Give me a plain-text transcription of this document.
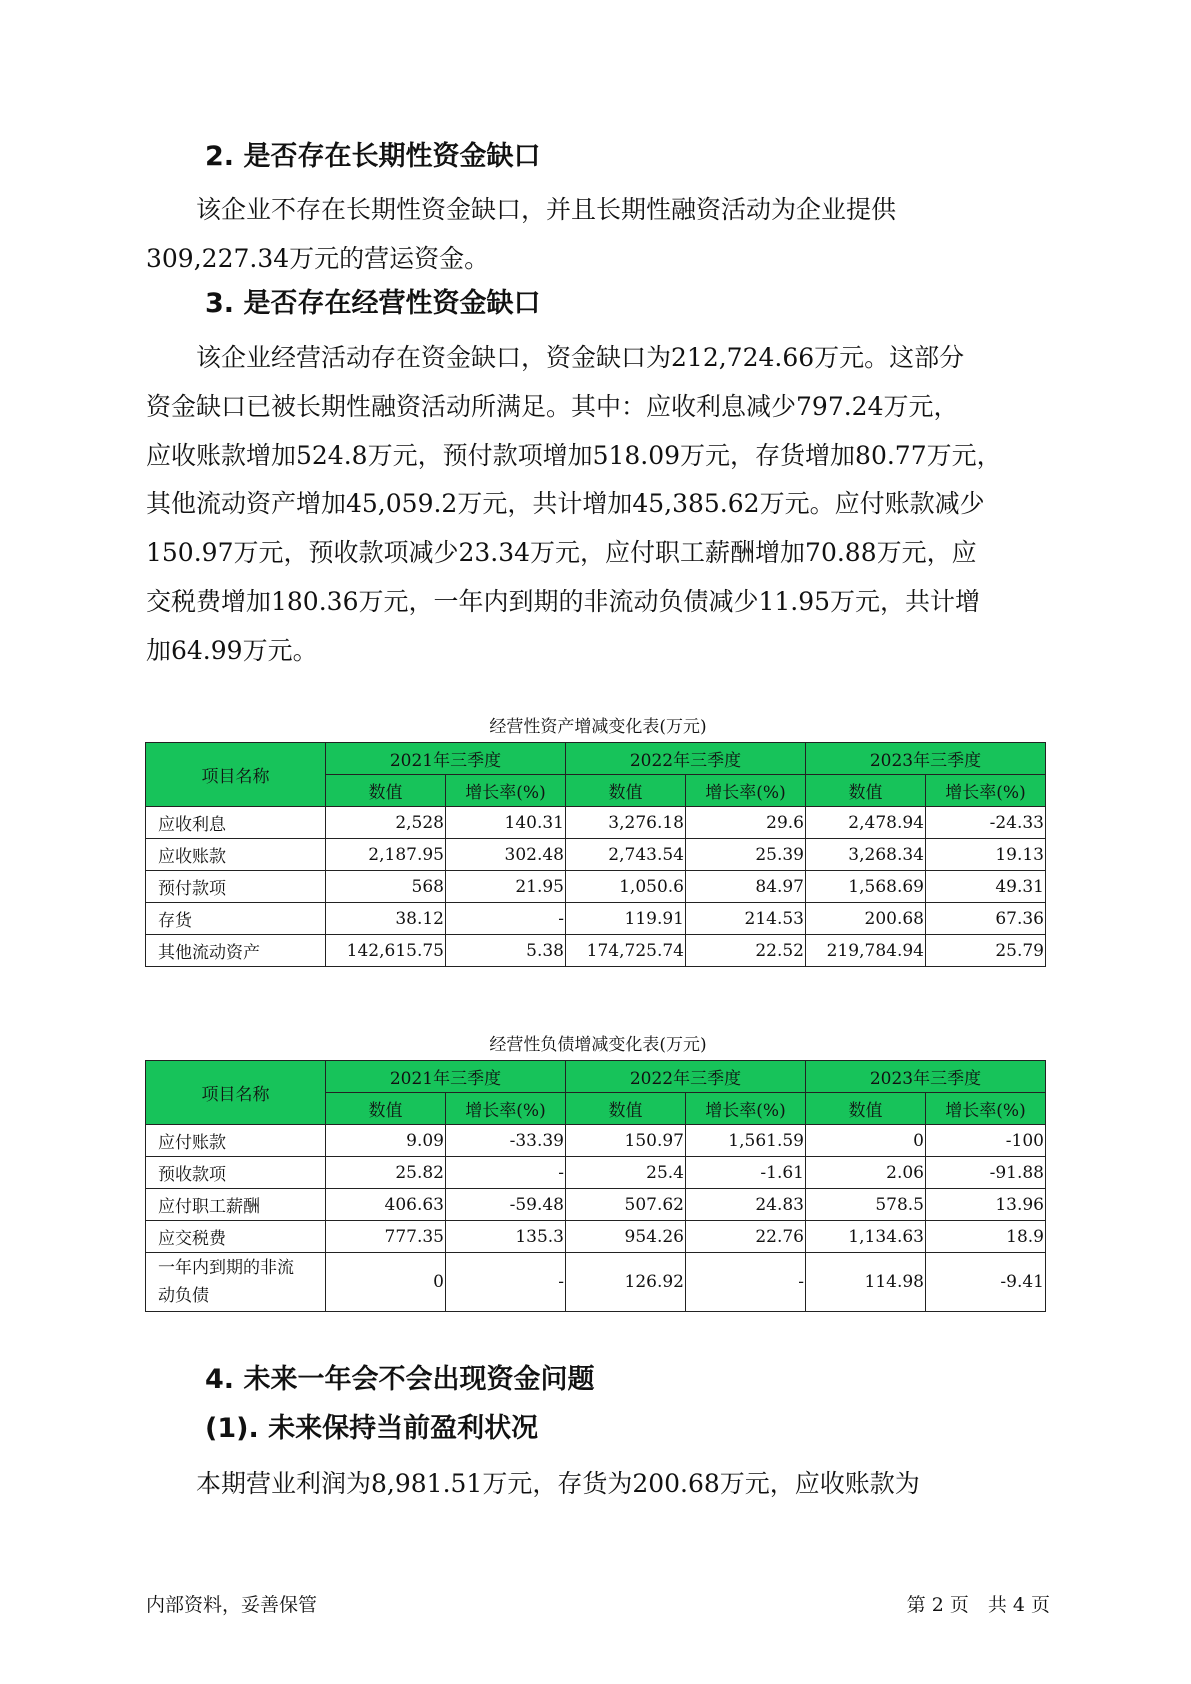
2. 是否存在长期性资金缺口
　　该企业不存在长期性资金缺口，并且长期性融资活动为企业提供
309,227.34万元的营运资金。
3. 是否存在经营性资金缺口
　　该企业经营活动存在资金缺口，资金缺口为212,724.66万元。这部分
资金缺口已被长期性融资活动所满足。其中：应收利息减少797.24万元，
应收账款增加524.8万元，预付款项增加518.09万元，存货增加80.77万元，
其他流动资产增加45,059.2万元，共计增加45,385.62万元。应付账款减少
150.97万元，预收款项减少23.34万元，应付职工薪酬增加70.88万元，应
交税费增加180.36万元，一年内到期的非流动负债减少11.95万元，共计增
加64.99万元。
经营性资产增减变化表(万元)
项目名称	2021年三季度		2022年三季度		2023年三季度	
	数值	增长率(%)	数值	增长率(%)	数值	增长率(%)
应收利息	2,528	140.31	3,276.18	29.6	2,478.94	-24.33
应收账款	2,187.95	302.48	2,743.54	25.39	3,268.34	19.13
预付款项	568	21.95	1,050.6	84.97	1,568.69	49.31
存货	38.12	-	119.91	214.53	200.68	67.36
其他流动资产	142,615.75	5.38	174,725.74	22.52	219,784.94	25.79
经营性负债增减变化表(万元)
项目名称	2021年三季度		2022年三季度		2023年三季度	
	数值	增长率(%)	数值	增长率(%)	数值	增长率(%)
应付账款	9.09	-33.39	150.97	1,561.59	0	-100
预收款项	25.82	-	25.4	-1.61	2.06	-91.88
应付职工薪酬	406.63	-59.48	507.62	24.83	578.5	13.96
应交税费	777.35	135.3	954.26	22.76	1,134.63	18.9

一年内到期的非流
动负债	0	-	126.92	-	114.98	-9.41
4. 未来一年会不会出现资金问题
(1). 未来保持当前盈利状况
　　本期营业利润为8,981.51万元，存货为200.68万元，应收账款为
内部资料，妥善保管	第 2 页　共 4 页
